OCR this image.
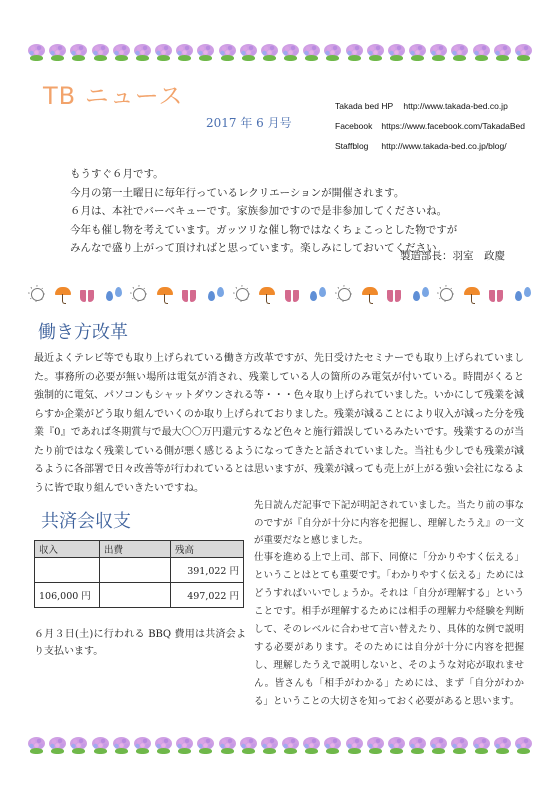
TB ニュース
2017 年 6 月号
Takada bed HP http://www.takada-bed.co.jp
Facebook https://www.facebook.com/TakadaBed
Staffblog http://www.takada-bed.co.jp/blog/
もうすぐ６月です。
今月の第一土曜日に毎年行っているレクリエーションが開催されます。
６月は、本社でバーベキューです。家族参加ですので是非参加してくださいね。
今年も催し物を考えています。ガッツリな催し物ではなくちょこっとした物ですが
みんなで盛り上がって頂ければと思っています。楽しみにしておいてください
製造部長：羽室　政慶
働き方改革
最近よくテレビ等でも取り上げられている働き方改革ですが、先日受けたセミナーでも取り上げられていました。事務所の必要が無い場所は電気が消され、残業している人の箇所のみ電気が付いている。時間がくると強制的に電気、パソコンもシャットダウンされる等・・・色々取り上げられていました。いかにして残業を減らすか企業がどう取り組んでいくのか取り上げられておりました。残業が減ることにより収入が減った分を残業『0』であれば冬期賞与で最大〇〇万円還元するなど色々と施行錯誤しているみたいです。残業するのが当たり前ではなく残業している側が悪く感じるようになってきたと話されていました。当社も少しでも残業が減るように各部署で日々改善等が行われているとは思いますが、残業が減っても売上が上がる強い会社になるように皆で取り組んでいきたいですね。
共済会収支
収入	出費	残高
		391,022 円
106,000 円		497,022 円
６月３日(土)に行われる BBQ 費用は共済会より支払います。
先日読んだ記事で下記が明記されていました。当たり前の事なのですが『自分が十分に内容を把握し、理解したうえ』の一文が重要だなと感じました。
仕事を進める上で上司、部下、同僚に「分かりやすく伝える」ということはとても重要です。「わかりやすく伝える」ためにはどうすればいいでしょうか。それは「自分が理解する」ということです。相手が理解するためには相手の理解力や経験を判断して、そのレベルに合わせて言い替えたり、具体的な例で説明する必要があります。そのためには自分が十分に内容を把握し、理解したうえで説明しないと、そのような対応が取れません。皆さんも「相手がわかる」ためには、まず「自分がわかる」ということの大切さを知っておく必要があると思います。
